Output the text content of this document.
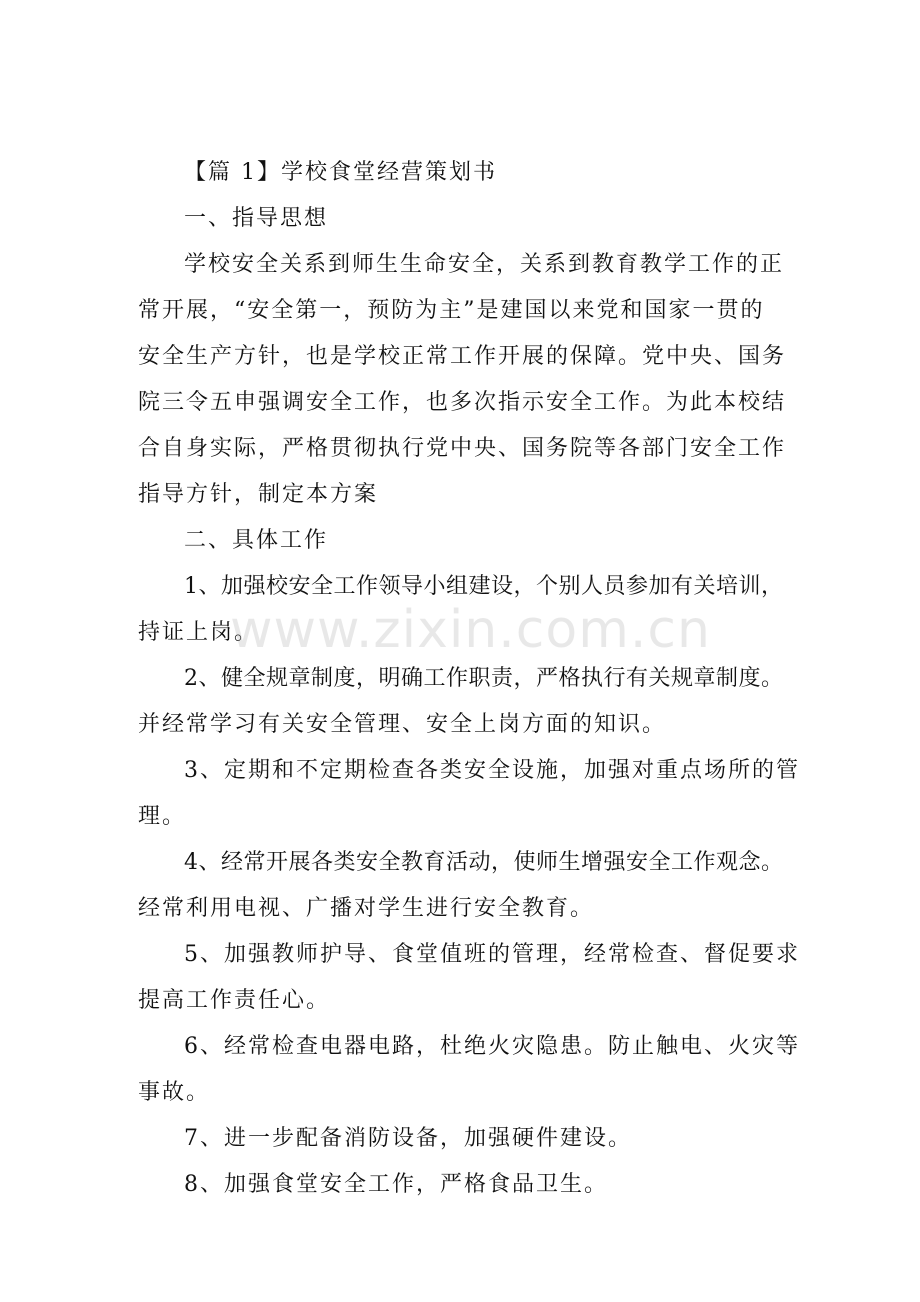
【篇 1】学校食堂经营策划书
一、指导思想
学校安全关系到师生生命安全，关系到教育教学工作的正
常开展，“安全第一，预防为主”是建国以来党和国家一贯的
安全生产方针，也是学校正常工作开展的保障。党中央、国务
院三令五申强调安全工作，也多次指示安全工作。为此本校结
合自身实际，严格贯彻执行党中央、国务院等各部门安全工作
指导方针，制定本方案
二、具体工作
1、加强校安全工作领导小组建设，个别人员参加有关培训，
持证上岗。
2、健全规章制度，明确工作职责，严格执行有关规章制度。
并经常学习有关安全管理、安全上岗方面的知识。
3、定期和不定期检查各类安全设施，加强对重点场所的管
理。
4、经常开展各类安全教育活动，使师生增强安全工作观念。
经常利用电视、广播对学生进行安全教育。
5、加强教师护导、食堂值班的管理，经常检查、督促要求
提高工作责任心。
6、经常检查电器电路，杜绝火灾隐患。防止触电、火灾等
事故。
7、进一步配备消防设备，加强硬件建设。
8、加强食堂安全工作，严格食品卫生。
www.zixin.com.cn
